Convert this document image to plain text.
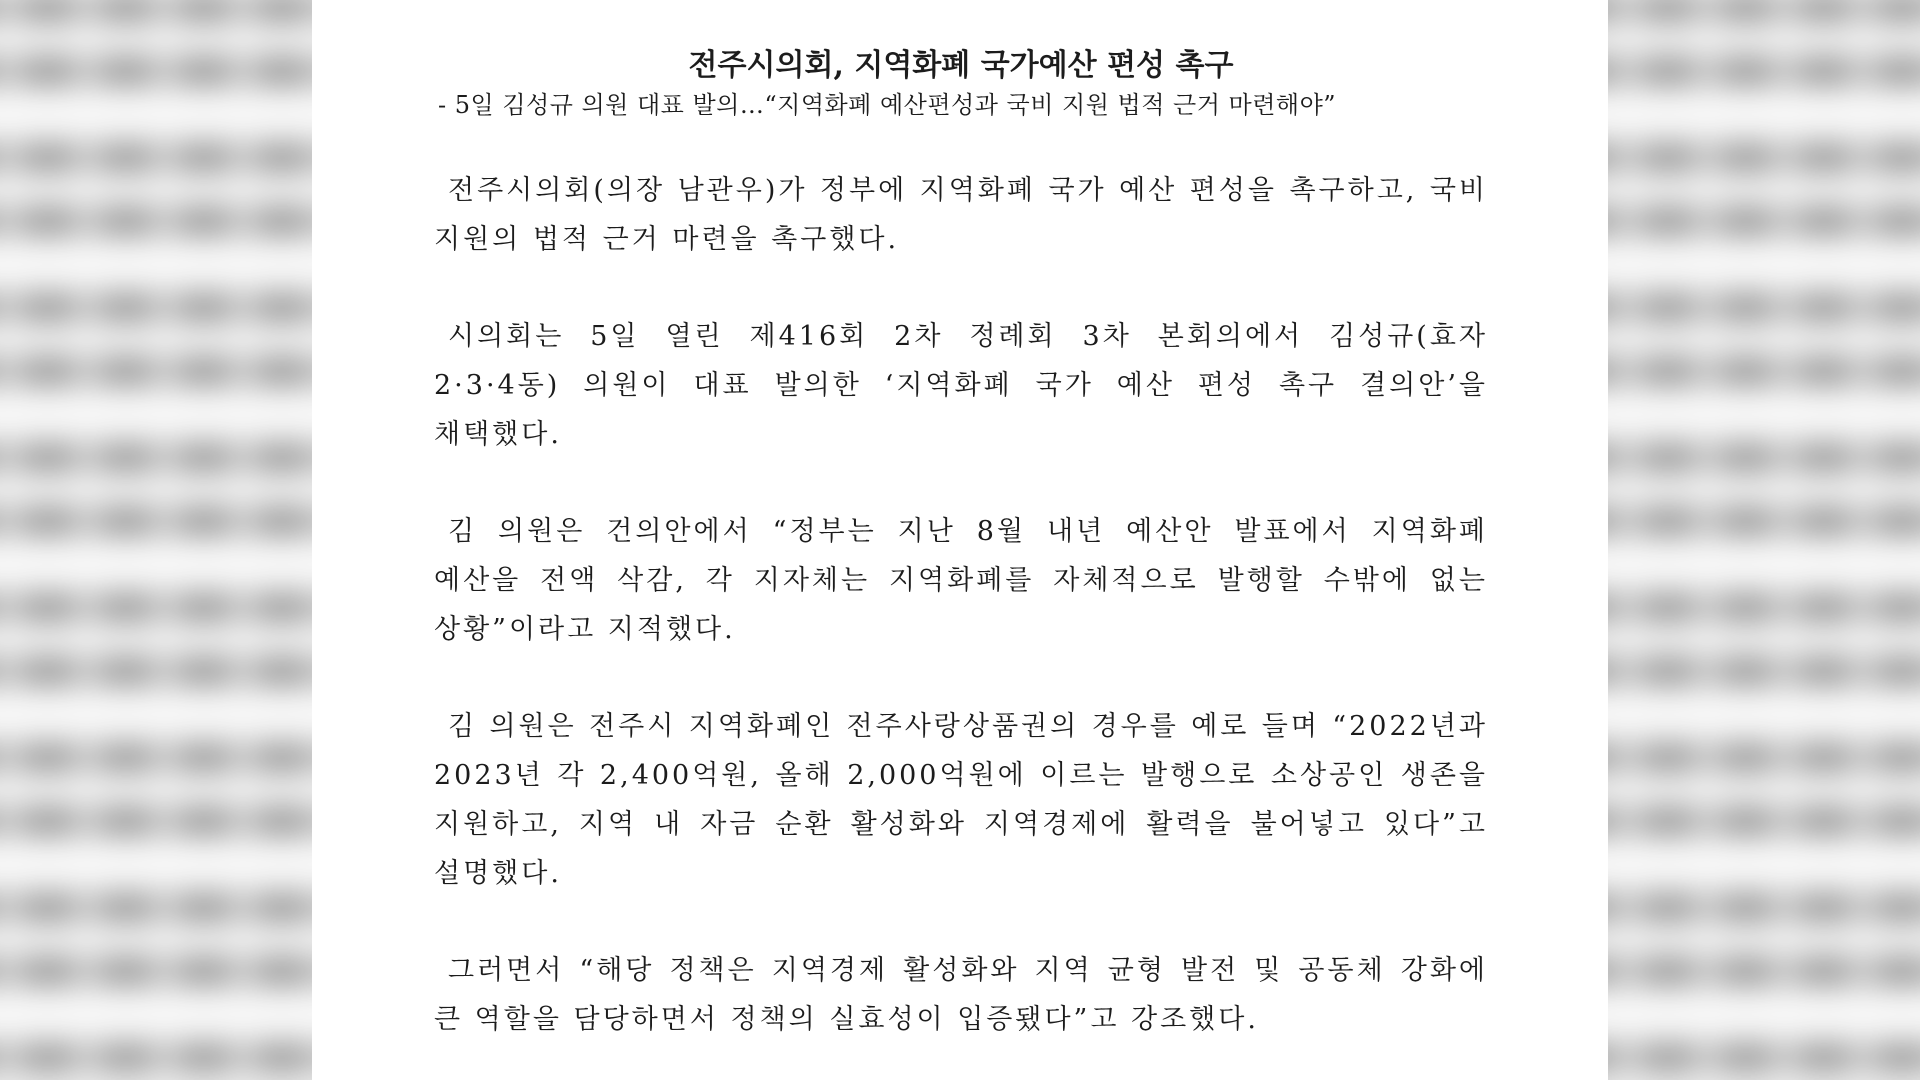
전주시의회, 지역화폐 국가예산 편성 촉구

- 5일 김성규 의원 대표 발의…“지역화폐 예산편성과 국비 지원 법적 근거 마련해야”

전주시의회(의장 남관우)가 정부에 지역화폐 국가 예산 편성을 촉구하고, 국비 지원의 법적 근거 마련을 촉구했다.

시의회는 5일 열린 제416회 2차 정례회 3차 본회의에서 김성규(효자 2·3·4동) 의원이 대표 발의한 ‘지역화폐 국가 예산 편성 촉구 결의안’을 채택했다.

김 의원은 건의안에서 “정부는 지난 8월 내년 예산안 발표에서 지역화폐 예산을 전액 삭감, 각 지자체는 지역화폐를 자체적으로 발행할 수밖에 없는 상황”이라고 지적했다.

김 의원은 전주시 지역화폐인 전주사랑상품권의 경우를 예로 들며 “2022년과 2023년 각 2,400억원, 올해 2,000억원에 이르는 발행으로 소상공인 생존을 지원하고, 지역 내 자금 순환 활성화와 지역경제에 활력을 불어넣고 있다”고 설명했다.

그러면서 “해당 정책은 지역경제 활성화와 지역 균형 발전 및 공동체 강화에 큰 역할을 담당하면서 정책의 실효성이 입증됐다”고 강조했다.
